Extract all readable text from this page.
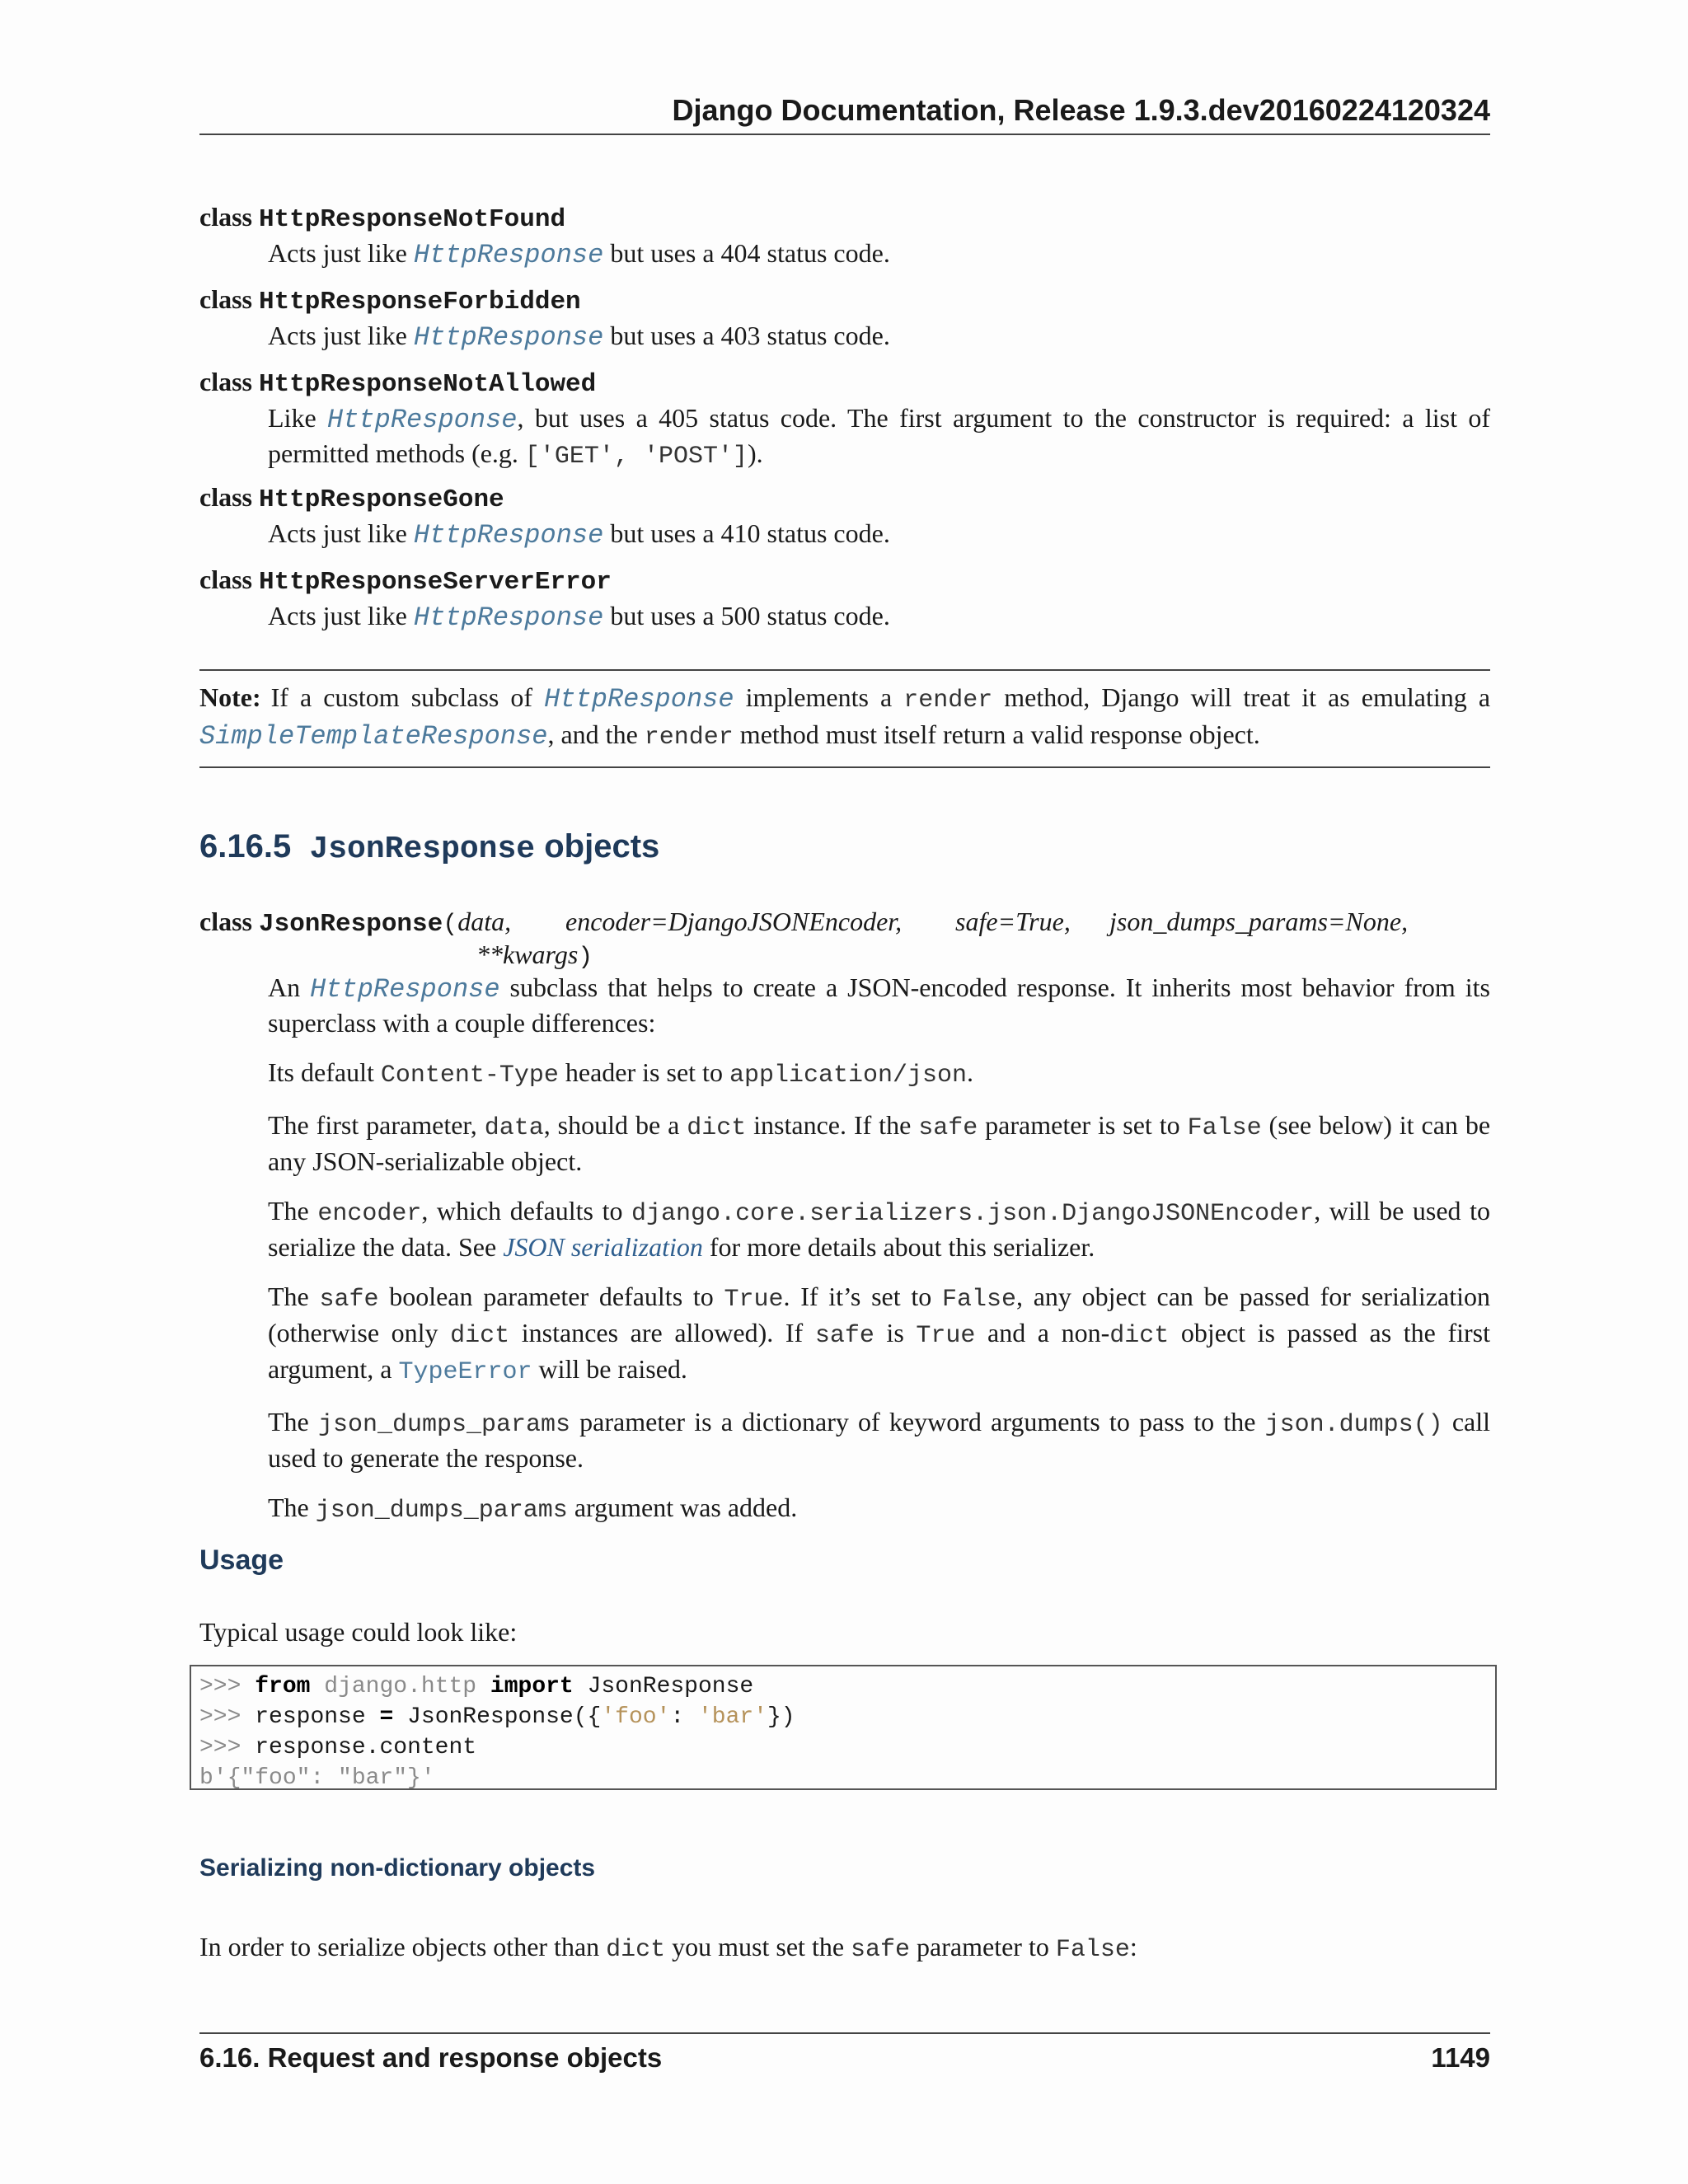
Django Documentation, Release 1.9.3.dev20160224120324
class HttpResponseNotFound
Acts just like HttpResponse but uses a 404 status code.
class HttpResponseForbidden
Acts just like HttpResponse but uses a 403 status code.
class HttpResponseNotAllowed
Like HttpResponse, but uses a 405 status code. The first argument to the constructor is required: a list of permitted methods (e.g. ['GET', 'POST']).
class HttpResponseGone
Acts just like HttpResponse but uses a 410 status code.
class HttpResponseServerError
Acts just like HttpResponse but uses a 500 status code.
Note: If a custom subclass of HttpResponse implements a render method, Django will treat it as emulating a SimpleTemplateResponse, and the render method must itself return a valid response object.
6.16.5 JsonResponse objects
class JsonResponse(data, encoder=DjangoJSONEncoder, safe=True, json_dumps_params=None,
**kwargs)

An HttpResponse subclass that helps to create a JSON-encoded response. It inherits most behavior from its superclass with a couple differences:

Its default Content-Type header is set to application/json.

The first parameter, data, should be a dict instance. If the safe parameter is set to False (see below) it can be any JSON-serializable object.

The encoder, which defaults to django.core.serializers.json.DjangoJSONEncoder, will be used to serialize the data. See JSON serialization for more details about this serializer.

The safe boolean parameter defaults to True. If it’s set to False, any object can be passed for serialization (otherwise only dict instances are allowed). If safe is True and a non-dict object is passed as the first argument, a TypeError will be raised.

The json_dumps_params parameter is a dictionary of keyword arguments to pass to the json.dumps() call used to generate the response.

The json_dumps_params argument was added.

Usage
Typical usage could look like:
>>> from django.http import JsonResponse
>>> response = JsonResponse({'foo': 'bar'})
>>> response.content
b'{"foo": "bar"}'
Serializing non-dictionary objects
In order to serialize objects other than dict you must set the safe parameter to False:
6.16. Request and response objects	1149
